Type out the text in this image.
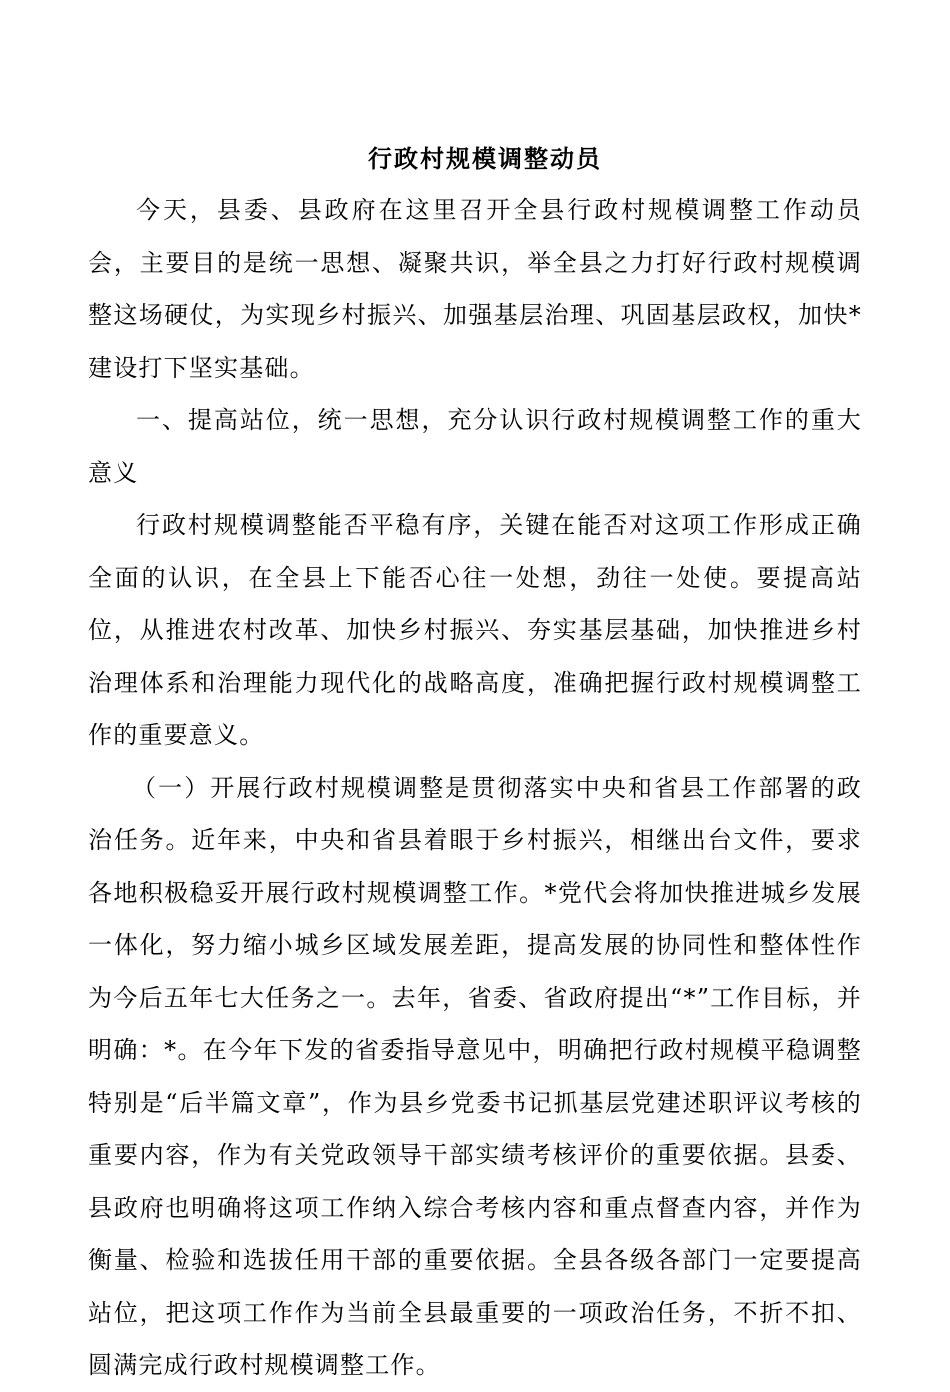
行政村规模调整动员

今天，县委、县政府在这里召开全县行政村规模调整工作动员会，主要目的是统一思想、凝聚共识，举全县之力打好行政村规模调整这场硬仗，为实现乡村振兴、加强基层治理、巩固基层政权，加快*建设打下坚实基础。

一、提高站位，统一思想，充分认识行政村规模调整工作的重大意义

行政村规模调整能否平稳有序，关键在能否对这项工作形成正确全面的认识，在全县上下能否心往一处想，劲往一处使。要提高站位，从推进农村改革、加快乡村振兴、夯实基层基础，加快推进乡村治理体系和治理能力现代化的战略高度，准确把握行政村规模调整工作的重要意义。

（一）开展行政村规模调整是贯彻落实中央和省县工作部署的政治任务。近年来，中央和省县着眼于乡村振兴，相继出台文件，要求各地积极稳妥开展行政村规模调整工作。*党代会将加快推进城乡发展一体化，努力缩小城乡区域发展差距，提高发展的协同性和整体性作为今后五年七大任务之一。去年，省委、省政府提出“*”工作目标，并明确：*。在今年下发的省委指导意见中，明确把行政村规模平稳调整特别是“后半篇文章”，作为县乡党委书记抓基层党建述职评议考核的重要内容，作为有关党政领导干部实绩考核评价的重要依据。县委、县政府也明确将这项工作纳入综合考核内容和重点督查内容，并作为衡量、检验和选拔任用干部的重要依据。全县各级各部门一定要提高站位，把这项工作作为当前全县最重要的一项政治任务，不折不扣、圆满完成行政村规模调整工作。
